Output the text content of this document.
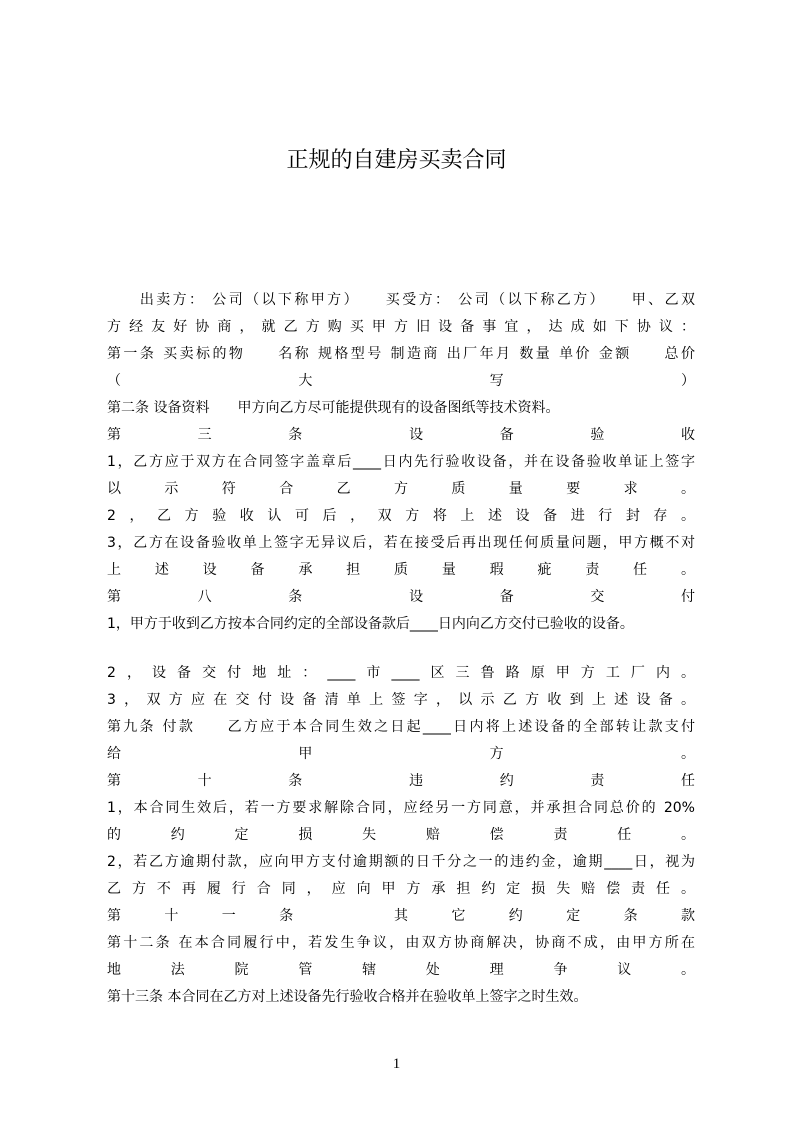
正规的自建房买卖合同
　　出卖方： 公司（以下称甲方）　　买受方： 公司（以下称乙方）　　甲、乙双
方经友好协商，就乙方购买甲方旧设备事宜，达成如下协议：
第一条 买卖标的物　　名称 规格型号 制造商 出厂年月 数量 单价 金额　　总价
（　　　　　　大　　　　　　写　　　　　　）
第二条 设备资料　　甲方向乙方尽可能提供现有的设备图纸等技术资料。
第　　三　　条　　　设　　备　　验　　收
1，乙方应于双方在合同签字盖章后____日内先行验收设备，并在设备验收单证上签字
以　示　符　合　乙　方　质　量　要　求　。
2，乙方验收认可后，双方将上述设备进行封存。
3，乙方在设备验收单上签字无异议后，若在接受后再出现任何质量问题，甲方概不对
上　述　设　备　承　担　质　量　瑕　疵　责　任　。
第　　八　　条　　　设　　备　　交　　付
1，甲方于收到乙方按本合同约定的全部设备款后____日内向乙方交付已验收的设备。
2，设备交付地址：____市____区三鲁路原甲方工厂内。
3，双方应在交付设备清单上签字，以示乙方收到上述设备。
第九条 付款　　乙方应于本合同生效之日起____日内将上述设备的全部转让款支付
给　　　　　　甲　　　　　　方　　　　　　。
第　　十　　条　　　违　　约　　责　　任
1，本合同生效后，若一方要求解除合同，应经另一方同意，并承担合同总价的 20%
的　约　定　损　失　赔　偿　责　任　。
2，若乙方逾期付款，应向甲方支付逾期额的日千分之一的违约金，逾期____日，视为
乙方不再履行合同，应向甲方承担约定损失赔偿责任。
第　十　一　条　　　其　它　约　定　条　款
第十二条 在本合同履行中，若发生争议，由双方协商解决，协商不成，由甲方所在
地　法　院　管　辖　处　理　争　议　。
第十三条 本合同在乙方对上述设备先行验收合格并在验收单上签字之时生效。
1
